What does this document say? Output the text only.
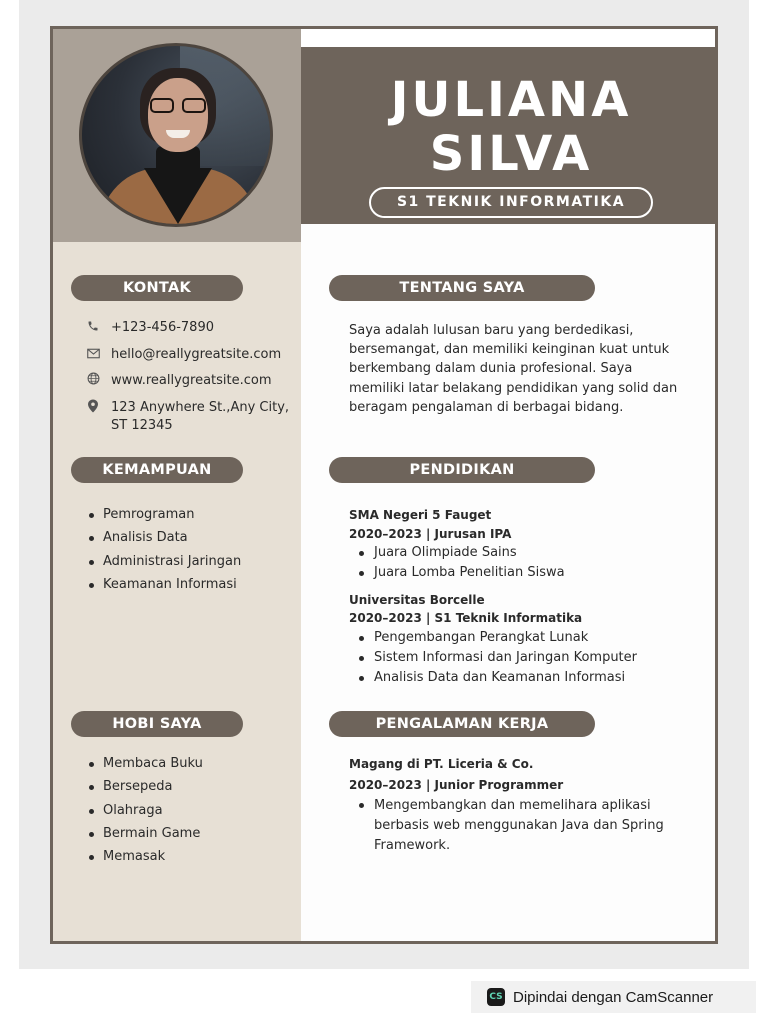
JULIANA
SILVA
S1 TEKNIK INFORMATIKA
KONTAK
+123-456-7890
hello@reallygreatsite.com
www.reallygreatsite.com
123 Anywhere St.,Any City, ST 12345
KEMAMPUAN
Pemrograman
Analisis Data
Administrasi Jaringan
Keamanan Informasi
HOBI SAYA
Membaca Buku
Bersepeda
Olahraga
Bermain Game
Memasak
TENTANG SAYA
Saya adalah lulusan baru yang berdedikasi, bersemangat, dan memiliki keinginan kuat untuk berkembang dalam dunia profesional. Saya memiliki latar belakang pendidikan yang solid dan beragam pengalaman di berbagai bidang.
PENDIDIKAN
SMA Negeri 5 Fauget
2020–2023 | Jurusan IPA
Juara Olimpiade Sains
Juara Lomba Penelitian Siswa
Universitas Borcelle
2020–2023 | S1 Teknik Informatika
Pengembangan Perangkat Lunak
Sistem Informasi dan Jaringan Komputer
Analisis Data dan Keamanan Informasi
PENGALAMAN KERJA
Magang di PT. Liceria & Co.
2020–2023 | Junior Programmer
Mengembangkan dan memelihara aplikasi berbasis web menggunakan Java dan Spring Framework.
CS Dipindai dengan CamScanner
